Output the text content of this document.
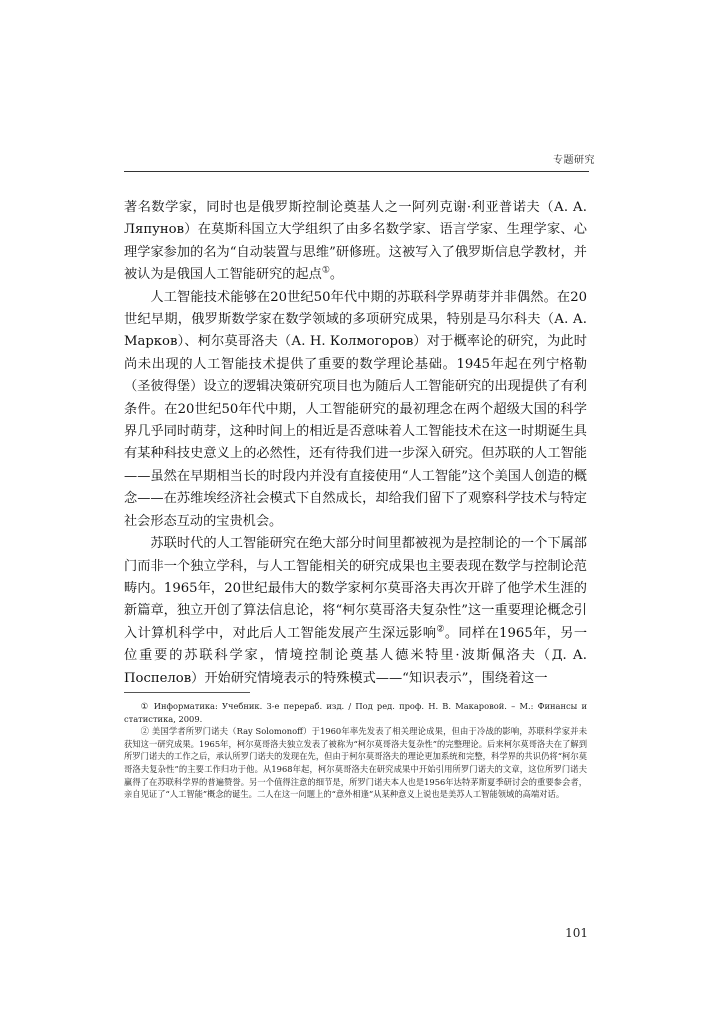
专题研究

著名数学家，同时也是俄罗斯控制论奠基人之一阿列克谢·利亚普诺夫（А. А. Ляпунов）在莫斯科国立大学组织了由多名数学家、语言学家、生理学家、心理学家参加的名为“自动装置与思维”研修班。这被写入了俄罗斯信息学教材，并被认为是俄国人工智能研究的起点①。

人工智能技术能够在20世纪50年代中期的苏联科学界萌芽并非偶然。在20世纪早期，俄罗斯数学家在数学领域的多项研究成果，特别是马尔科夫（А. А. Марков）、柯尔莫哥洛夫（А. Н. Колмогоров）对于概率论的研究，为此时尚未出现的人工智能技术提供了重要的数学理论基础。1945年起在列宁格勒（圣彼得堡）设立的逻辑决策研究项目也为随后人工智能研究的出现提供了有利条件。在20世纪50年代中期，人工智能研究的最初理念在两个超级大国的科学界几乎同时萌芽，这种时间上的相近是否意味着人工智能技术在这一时期诞生具有某种科技史意义上的必然性，还有待我们进一步深入研究。但苏联的人工智能——虽然在早期相当长的时段内并没有直接使用“人工智能”这个美国人创造的概念——在苏维埃经济社会模式下自然成长，却给我们留下了观察科学技术与特定社会形态互动的宝贵机会。

苏联时代的人工智能研究在绝大部分时间里都被视为是控制论的一个下属部门而非一个独立学科，与人工智能相关的研究成果也主要表现在数学与控制论范畴内。1965年，20世纪最伟大的数学家柯尔莫哥洛夫再次开辟了他学术生涯的新篇章，独立开创了算法信息论，将“柯尔莫哥洛夫复杂性”这一重要理论概念引入计算机科学中，对此后人工智能发展产生深远影响②。同样在1965年，另一位重要的苏联科学家，情境控制论奠基人德米特里·波斯佩洛夫（Д. А. Поспелов）开始研究情境表示的特殊模式——“知识表示”，围绕着这一

① Информатика: Учебник. 3-е перераб. изд. / Под ред. проф. Н. В. Макаровой. – М.: Финансы и статистика, 2009.

② 美国学者所罗门诺夫（Ray Solomonoff）于1960年率先发表了相关理论成果，但由于冷战的影响，苏联科学家并未获知这一研究成果。1965年，柯尔莫哥洛夫独立发表了被称为“柯尔莫哥洛夫复杂性”的完整理论。后来柯尔莫哥洛夫在了解到所罗门诺夫的工作之后，承认所罗门诺夫的发现在先，但由于柯尔莫哥洛夫的理论更加系统和完整，科学界的共识仍将“柯尔莫哥洛夫复杂性”的主要工作归功于他。从1968年起，柯尔莫哥洛夫在研究成果中开始引用所罗门诺夫的文章，这位所罗门诺夫赢得了在苏联科学界的普遍赞誉。另一个值得注意的细节是，所罗门诺夫本人也是1956年达特茅斯夏季研讨会的重要参会者，亲自见证了“人工智能”概念的诞生。二人在这一问题上的“意外相逢”从某种意义上说也是美苏人工智能领域的高端对话。

101
